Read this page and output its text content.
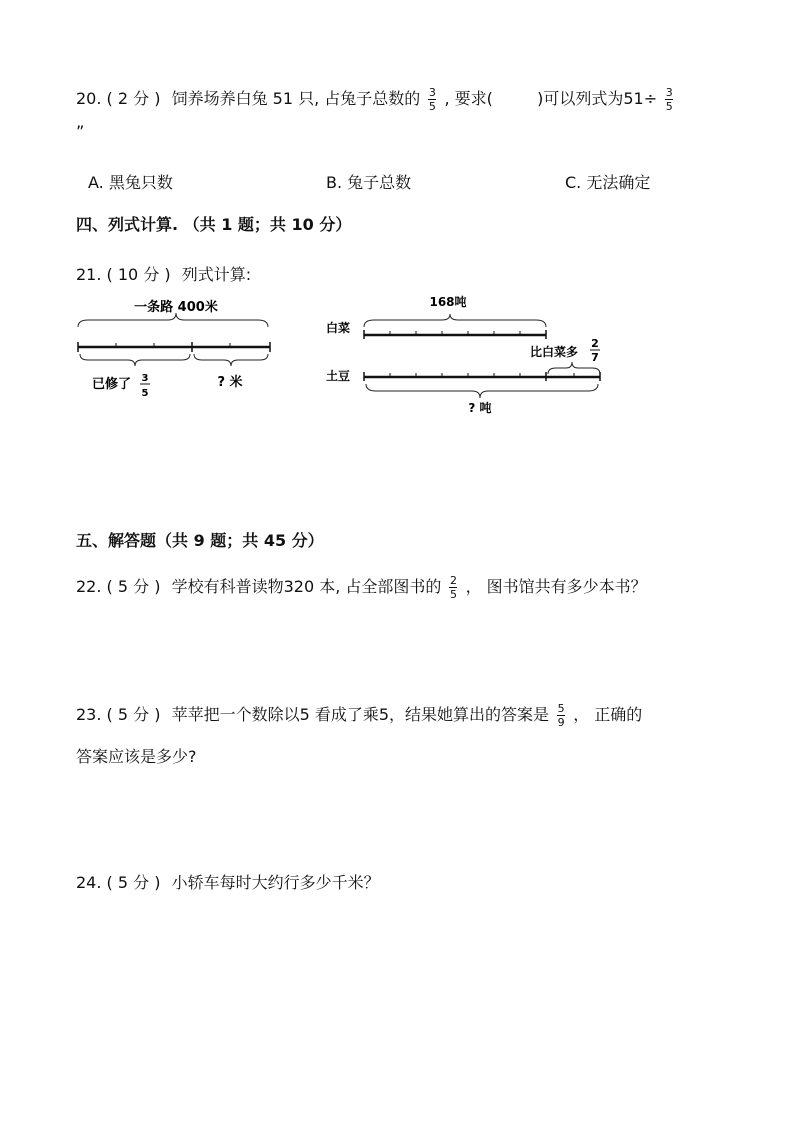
20. ( 2 分 ) 饲养场养白兔 51 只, 占兔子总数的 $\frac{3}{5}$ , 要求(	)可以列式为$51\div \frac{3}{5}$
”
A. 黑兔只数	B. 兔子总数	C. 无法确定
四、列式计算. （共 1 题；共 10 分）
21. ( 10 分 ) 列式计算:
一条路 400米
已修了 3
5
? 米
168吨
白菜
比白菜多
2
7
土豆
? 吨
五、解答题（共 9 题；共 45 分）
22. ( 5 分 ) 学校有科普读物320 本, 占全部图书的 $\frac{2}{5}$ ， 图书馆共有多少本书？
23. ( 5 分 ) 苹苹把一个数除以5 看成了乘5，结果她算出的答案是 $\frac{5}{9}$ ， 正确的
答案应该是多少?
24. ( 5 分 ) 小轿车每时大约行多少千米？
